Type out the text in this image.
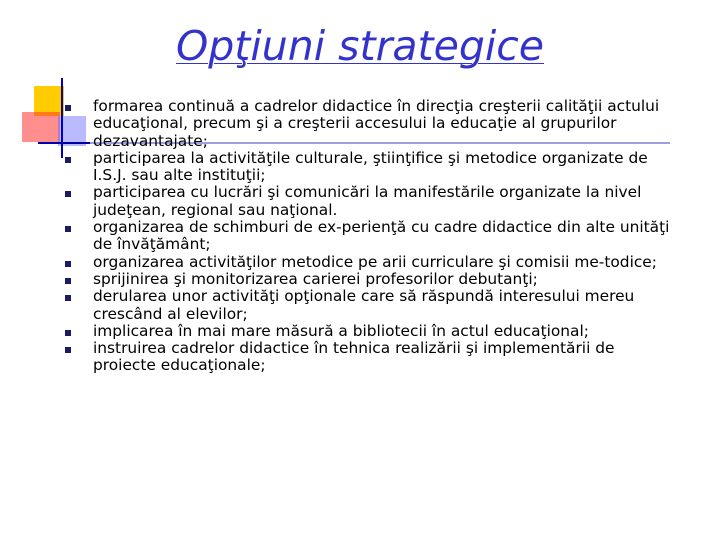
Opţiuni strategice
formarea continuă a cadrelor didactice în direcţia creşterii calităţii actului educaţional, precum şi a creşterii accesului la educaţie al grupurilor dezavantajate;
participarea la activităţile culturale, ştiinţifice şi metodice organizate de I.S.J. sau alte instituţii;
participarea cu lucrări şi comunicări la manifestările organizate la nivel judeţean, regional sau naţional.
organizarea de schimburi de ex-perienţă cu cadre didactice din alte unităţi de învăţământ;
organizarea activităţilor metodice pe arii curriculare şi comisii me-todice;
sprijinirea şi monitorizarea carierei profesorilor debutanţi;
derularea unor activităţi opţionale care să răspundă interesului mereu crescând al elevilor;
implicarea în mai mare măsură a bibliotecii în actul educaţional;
instruirea cadrelor didactice în tehnica realizării şi implementării de proiecte educaţionale;
